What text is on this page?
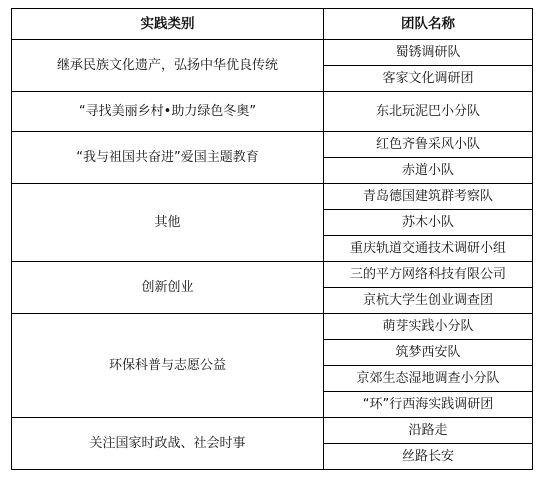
实践类别	团队名称
继承民族文化遗产，弘扬中华优良传统	蜀锈调研队
	客家文化调研团
“寻找美丽乡村•助力绿色冬奥”	东北玩泥巴小分队
“我与祖国共奋进”爱国主题教育	红色齐鲁采风小队
	赤道小队
其他	青岛德国建筑群考察队
	苏木小队
	重庆轨道交通技术调研小组
创新创业	三的平方网络科技有限公司
	京杭大学生创业调查团
环保科普与志愿公益	萌芽实践小分队
	筑梦西安队
	京郊生态湿地调查小分队
	“环”行西海实践调研团
关注国家时政战、社会时事	沿路走
	丝路长安
